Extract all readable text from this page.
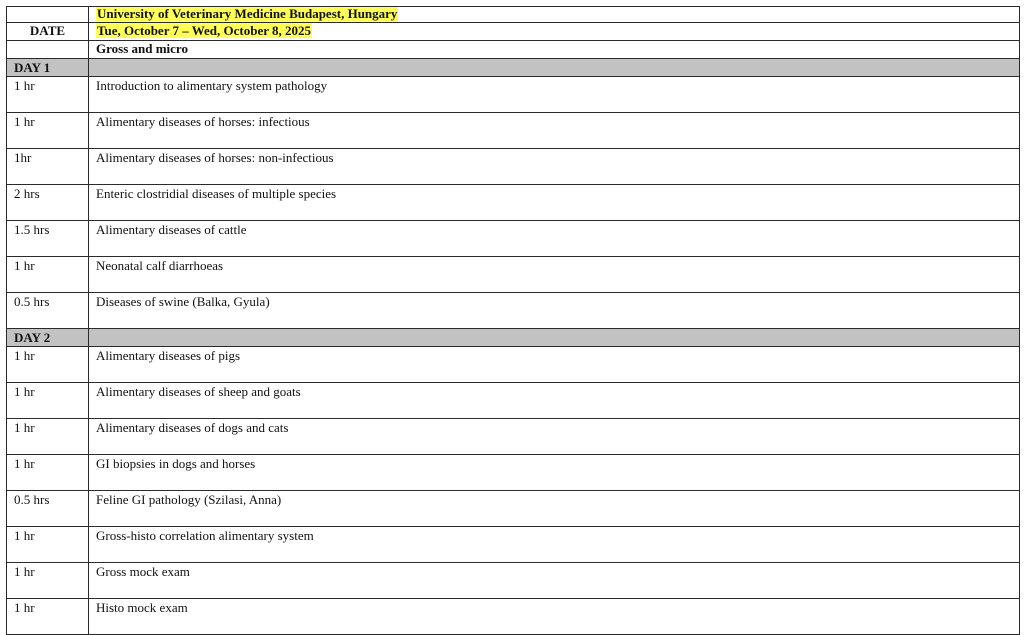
	University of Veterinary Medicine Budapest, Hungary
DATE	Tue, October 7 – Wed, October 8, 2025
	Gross and micro
DAY 1	
1 hr	Introduction to alimentary system pathology
1 hr	Alimentary diseases of horses: infectious
1hr	Alimentary diseases of horses: non-infectious
2 hrs	Enteric clostridial diseases of multiple species
1.5 hrs	Alimentary diseases of cattle
1 hr	Neonatal calf diarrhoeas
0.5 hrs	Diseases of swine (Balka, Gyula)
DAY 2	
1 hr	Alimentary diseases of pigs
1 hr	Alimentary diseases of sheep and goats
1 hr	Alimentary diseases of dogs and cats
1 hr	GI biopsies in dogs and horses
0.5 hrs	Feline GI pathology (Szilasi, Anna)
1 hr	Gross-histo correlation alimentary system
1 hr	Gross mock exam
1 hr	Histo mock exam
